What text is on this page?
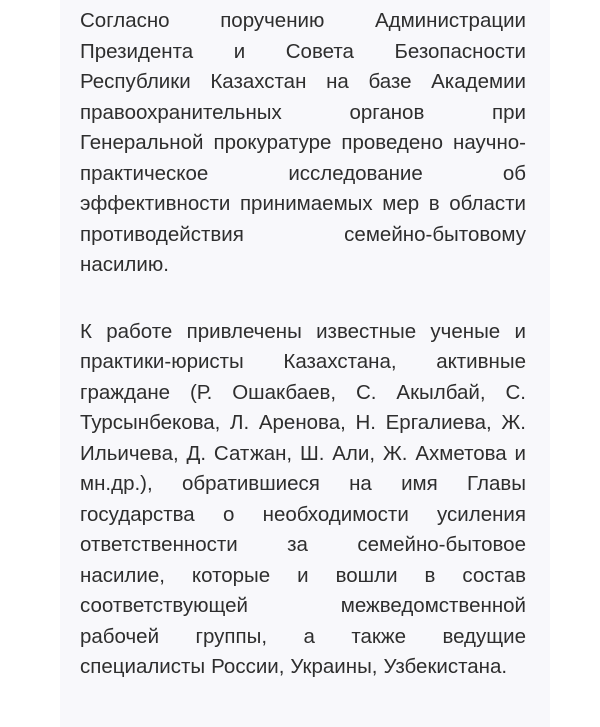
Согласно поручению Администрации
Президента и Совета Безопасности
Республики Казахстан на базе Академии
правоохранительных	органов	при
Генеральной прокуратуре проведено научно-
практическое	исследование	об
эффективности принимаемых мер в области
противодействия	семейно-бытовому
насилию.
К работе привлечены известные ученые и
практики-юристы Казахстана, активные
граждане (Р. Ошакбаев, С. Акылбай, С.
Турсынбекова, Л. Аренова, Н. Ергалиева, Ж.
Ильичева, Д. Сатжан, Ш. Али, Ж. Ахметова и
мн.др.), обратившиеся на имя Главы
государства о необходимости усиления
ответственности за семейно-бытовое
насилие, которые и вошли в состав
соответствующей	межведомственной
рабочей группы, а также ведущие
специалисты России, Украины, Узбекистана.
